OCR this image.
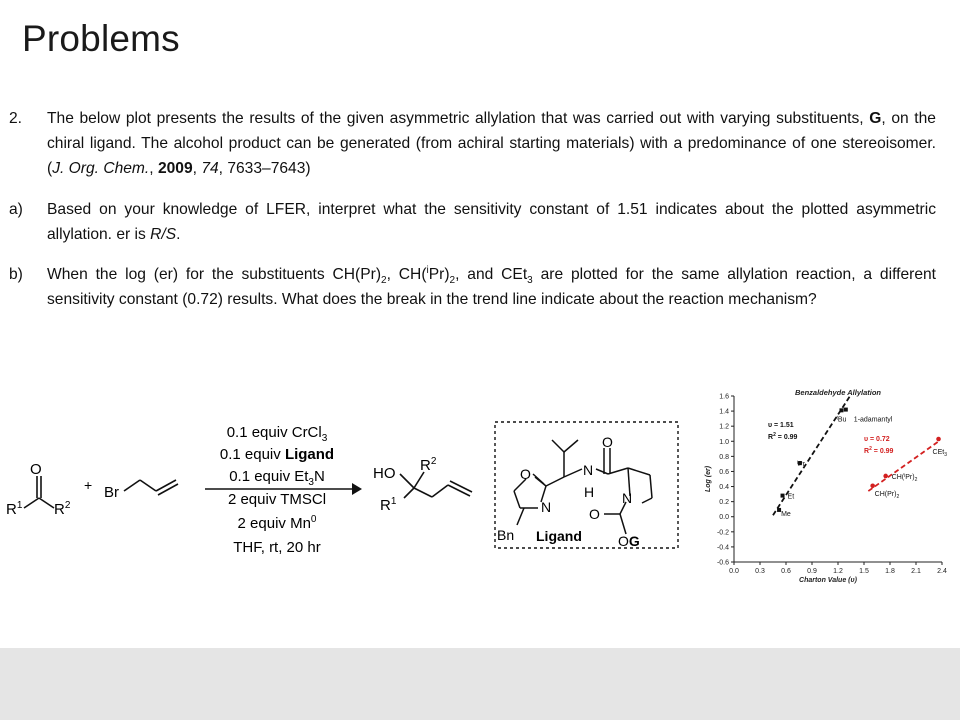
Problems
2. The below plot presents the results of the given asymmetric allylation that was carried out with varying substituents, G, on the chiral ligand. The alcohol product can be generated (from achiral starting materials) with a predominance of one stereoisomer. (J. Org. Chem., 2009, 74, 7633–7643)
a) Based on your knowledge of LFER, interpret what the sensitivity constant of 1.51 indicates about the plotted asymmetric allylation. er is R/S.
b) When the log (er) for the substituents $CH(Pr)_2$, $CH(^iPr)_2$, and CEt$_3$ are plotted for the same allylation reaction, a different sensitivity constant (0.72) results. What does the break in the trend line indicate about the reaction mechanism?
O
$R^1$ $R^2$
+ Br
0.1 equiv CrCl$_3$
0.1 equiv Ligand
0.1 equiv $Et_3N$
2 equiv TMSCl
2 equiv Mn$^0$
THF, rt, 20 hr
HO $R^2$
$R^1$
O
N
Bn Ligand
N
H
O
N
O
OG
1.6
1.4
1.2
1.0
0.8
0.6
0.4
0.2
0.0
-0.2
-0.4
-0.6
0.0 0.3 0.6 0.9 1.2 1.5 1.8 2.1 2.4
Charton Value (υ)
Log (er)
Benzaldehyde Allylation
υ = 1.51
$R^2 = 0.99$	υ = 0.72
$R^2 = 0.99$
Me
Et
$^i$Pr
$^t$Bu 1-adamantyl
$CH(Pr)_2$
$CH(^iPr)_2$
CEt$_3$
